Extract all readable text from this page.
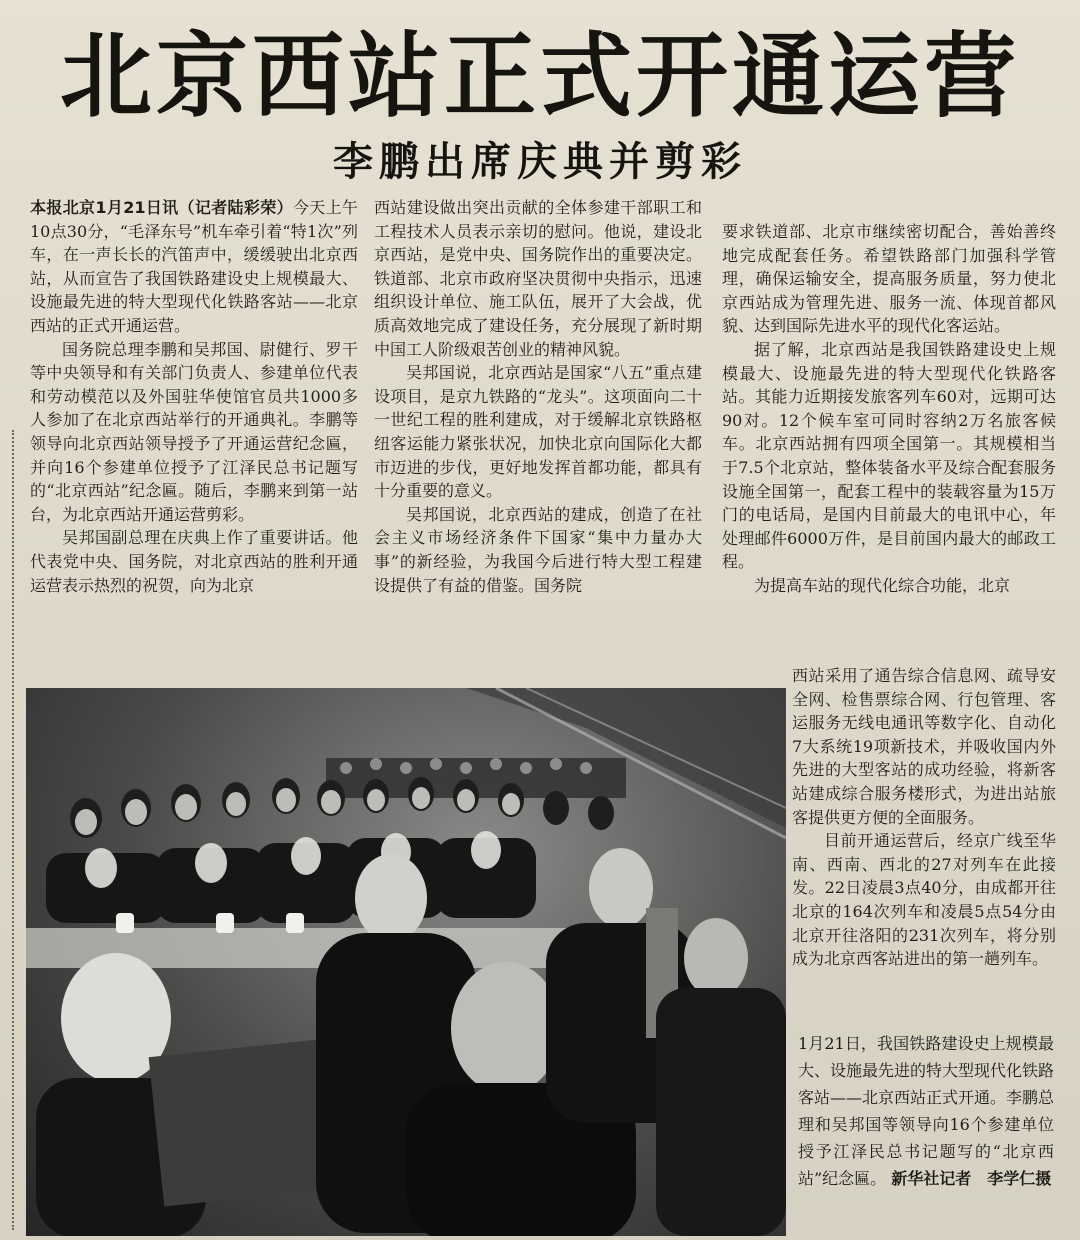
北京西站正式开通运营
李鹏出席庆典并剪彩

本报北京1月21日讯（记者陆彩荣）今天上午10点30分，“毛泽东号”机车牵引着“特1次”列车，在一声长长的汽笛声中，缓缓驶出北京西站，从而宣告了我国铁路建设史上规模最大、设施最先进的特大型现代化铁路客站——北京西站的正式开通运营。

国务院总理李鹏和吴邦国、尉健行、罗干等中央领导和有关部门负责人、参建单位代表和劳动模范以及外国驻华使馆官员共1000多人参加了在北京西站举行的开通典礼。李鹏等领导向北京西站领导授予了开通运营纪念匾，并向16个参建单位授予了江泽民总书记题写的“北京西站”纪念匾。随后，李鹏来到第一站台，为北京西站开通运营剪彩。

吴邦国副总理在庆典上作了重要讲话。他代表党中央、国务院，对北京西站的胜利开通运营表示热烈的祝贺，向为北京

西站建设做出突出贡献的全体参建干部职工和工程技术人员表示亲切的慰问。他说，建设北京西站，是党中央、国务院作出的重要决定。铁道部、北京市政府坚决贯彻中央指示，迅速组织设计单位、施工队伍，展开了大会战，优质高效地完成了建设任务，充分展现了新时期中国工人阶级艰苦创业的精神风貌。

吴邦国说，北京西站是国家“八五”重点建设项目，是京九铁路的“龙头”。这项面向二十一世纪工程的胜利建成，对于缓解北京铁路枢纽客运能力紧张状况，加快北京向国际化大都市迈进的步伐，更好地发挥首都功能，都具有十分重要的意义。

吴邦国说，北京西站的建成，创造了在社会主义市场经济条件下国家“集中力量办大事”的新经验，为我国今后进行特大型工程建设提供了有益的借鉴。国务院

要求铁道部、北京市继续密切配合，善始善终地完成配套任务。希望铁路部门加强科学管理，确保运输安全，提高服务质量，努力使北京西站成为管理先进、服务一流、体现首都风貌、达到国际先进水平的现代化客运站。

据了解，北京西站是我国铁路建设史上规模最大、设施最先进的特大型现代化铁路客站。其能力近期接发旅客列车60对，远期可达90对。12个候车室可同时容纳2万名旅客候车。北京西站拥有四项全国第一。其规模相当于7.5个北京站，整体装备水平及综合配套服务设施全国第一，配套工程中的装载容量为15万门的电话局，是国内目前最大的电讯中心，年处理邮件6000万件，是目前国内最大的邮政工程。

为提高车站的现代化综合功能，北京

西站采用了通告综合信息网、疏导安全网、检售票综合网、行包管理、客运服务无线电通讯等数字化、自动化7大系统19项新技术，并吸收国内外先进的大型客站的成功经验，将新客站建成综合服务楼形式，为进出站旅客提供更方便的全面服务。

目前开通运营后，经京广线至华南、西南、西北的27对列车在此接发。22日凌晨3点40分，由成都开往北京的164次列车和凌晨5点54分由北京开往洛阳的231次列车，将分别成为北京西客站进出的第一趟列车。

1月21日，我国铁路建设史上规模最大、设施最先进的特大型现代化铁路客站——北京西站正式开通。李鹏总理和吴邦国等领导向16个参建单位授予江泽民总书记题写的“北京西站”纪念匾。 新华社记者　李学仁摄
